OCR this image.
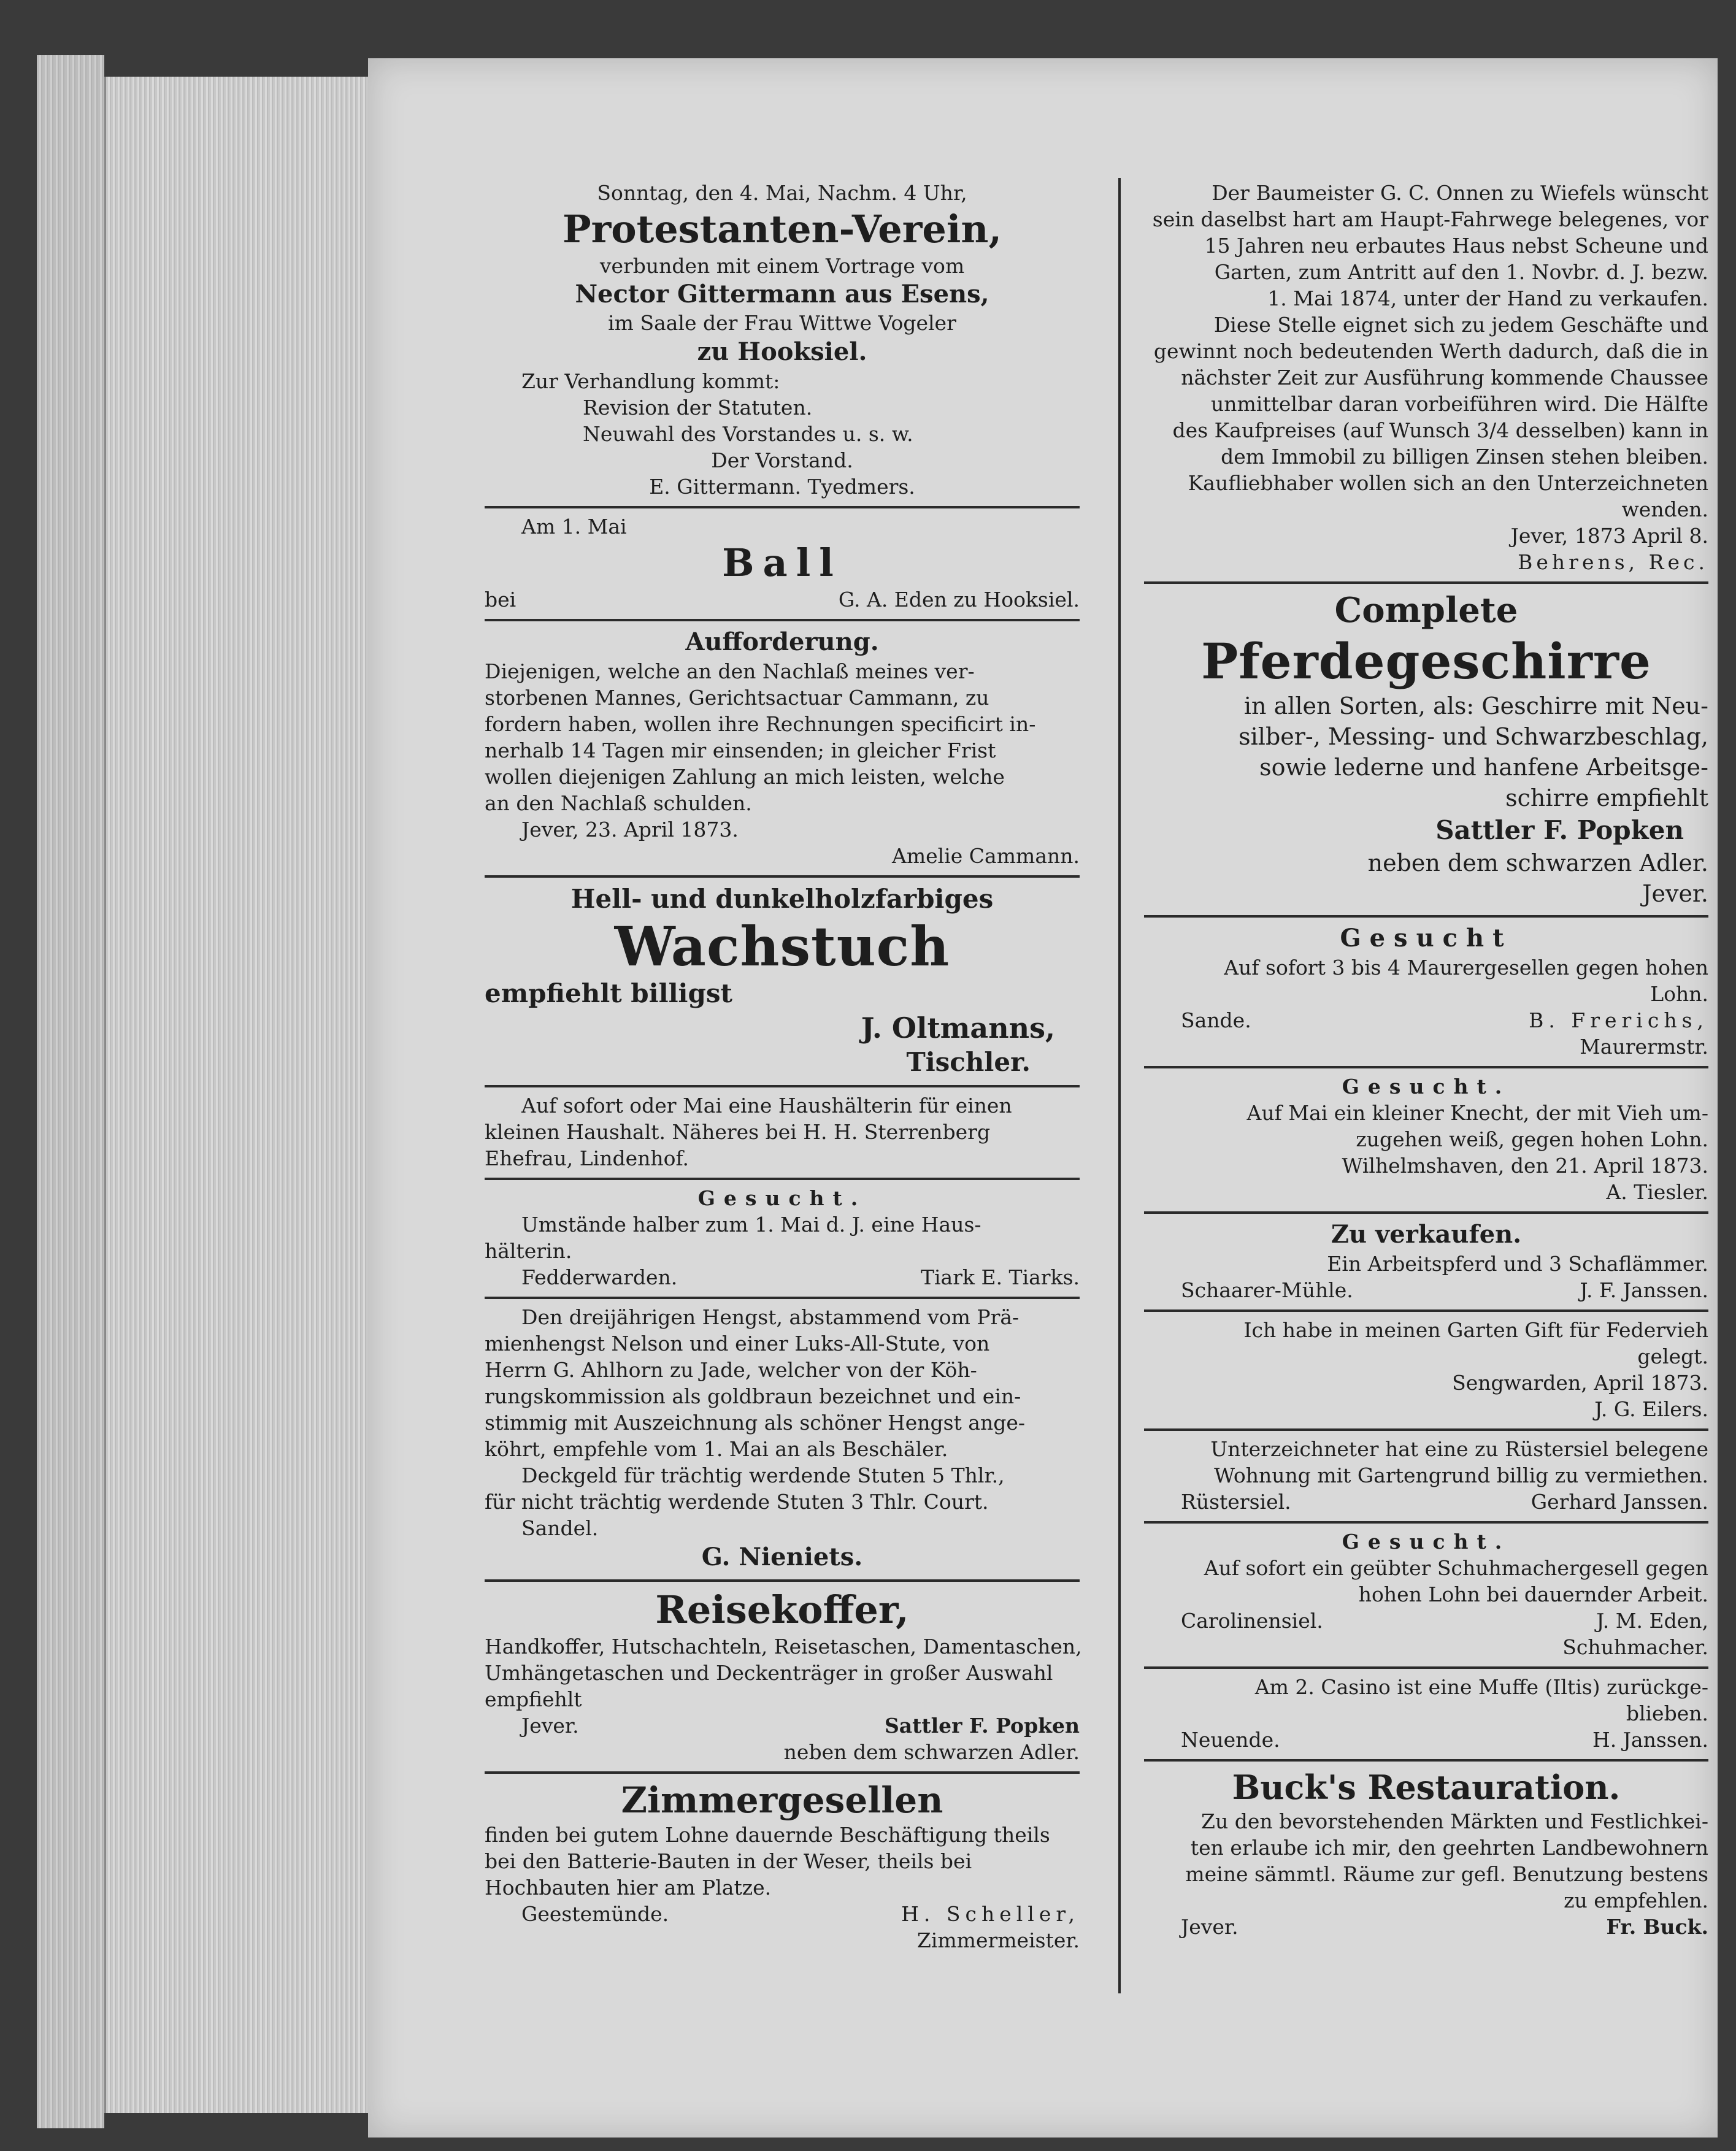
Sonntag, den 4. Mai, Nachm. 4 Uhr,
Protestanten-Verein,
verbunden mit einem Vortrage vom
Nector Gittermann aus Esens,
im Saale der Frau Wittwe Vogeler
zu Hooksiel.
Zur Verhandlung kommt:
Revision der Statuten.
Neuwahl des Vorstandes u. s. w.
Der Vorstand.
E. Gittermann. Tyedmers.
Am 1. Mai
Ball
bei	G. A. Eden zu Hooksiel.
Aufforderung.
Diejenigen, welche an den Nachlaß meines ver-
storbenen Mannes, Gerichtsactuar Cammann, zu
fordern haben, wollen ihre Rechnungen specificirt in-
nerhalb 14 Tagen mir einsenden; in gleicher Frist
wollen diejenigen Zahlung an mich leisten, welche
an den Nachlaß schulden.
Jever, 23. April 1873.
Amelie Cammann.
Hell- und dunkelholzfarbiges
Wachstuch
empfiehlt billigst
J. Oltmanns,
Tischler.
Auf sofort oder Mai eine Haushälterin für einen
kleinen Haushalt. Näheres bei H. H. Sterrenberg
Ehefrau, Lindenhof.
Gesucht.
Umstände halber zum 1. Mai d. J. eine Haus-
hälterin.
Fedderwarden.	Tiark E. Tiarks.
Den dreijährigen Hengst, abstammend vom Prä-
mienhengst Nelson und einer Luks-All-Stute, von
Herrn G. Ahlhorn zu Jade, welcher von der Köh-
rungskommission als goldbraun bezeichnet und ein-
stimmig mit Auszeichnung als schöner Hengst ange-
köhrt, empfehle vom 1. Mai an als Beschäler.
Deckgeld für trächtig werdende Stuten 5 Thlr.,
für nicht trächtig werdende Stuten 3 Thlr. Court.
Sandel.
G. Nieniets.
Reisekoffer,
Handkoffer, Hutschachteln, Reisetaschen, Damentaschen,
Umhängetaschen und Deckenträger in großer Auswahl
empfiehlt
Jever.	Sattler F. Popken
neben dem schwarzen Adler.
Zimmergesellen
finden bei gutem Lohne dauernde Beschäftigung theils
bei den Batterie-Bauten in der Weser, theils bei
Hochbauten hier am Platze.
Geestemünde.	H. Scheller,
Zimmermeister.
Der Baumeister G. C. Onnen zu Wiefels wünscht
sein daselbst hart am Haupt-Fahrwege belegenes, vor
15 Jahren neu erbautes Haus nebst Scheune und
Garten, zum Antritt auf den 1. Novbr. d. J. bezw.
1. Mai 1874, unter der Hand zu verkaufen.
Diese Stelle eignet sich zu jedem Geschäfte und
gewinnt noch bedeutenden Werth dadurch, daß die in
nächster Zeit zur Ausführung kommende Chaussee
unmittelbar daran vorbeiführen wird. Die Hälfte
des Kaufpreises (auf Wunsch 3/4 desselben) kann in
dem Immobil zu billigen Zinsen stehen bleiben.
Kaufliebhaber wollen sich an den Unterzeichneten
wenden.
Jever, 1873 April 8.
Behrens, Rec.
Complete
Pferdegeschirre
in allen Sorten, als: Geschirre mit Neu-
silber-, Messing- und Schwarzbeschlag,
sowie lederne und hanfene Arbeitsge-
schirre empfiehlt
Sattler F. Popken
neben dem schwarzen Adler.
Jever.
Gesucht
Auf sofort 3 bis 4 Maurergesellen gegen hohen
Lohn.
Sande.	B. Frerichs,
Maurermstr.
Gesucht.
Auf Mai ein kleiner Knecht, der mit Vieh um-
zugehen weiß, gegen hohen Lohn.
Wilhelmshaven, den 21. April 1873.
A. Tiesler.
Zu verkaufen.
Ein Arbeitspferd und 3 Schaflämmer.
Schaarer-Mühle.	J. F. Janssen.
Ich habe in meinen Garten Gift für Federvieh
gelegt.
Sengwarden, April 1873.
J. G. Eilers.
Unterzeichneter hat eine zu Rüstersiel belegene
Wohnung mit Gartengrund billig zu vermiethen.
Rüstersiel.	Gerhard Janssen.
Gesucht.
Auf sofort ein geübter Schuhmachergesell gegen
hohen Lohn bei dauernder Arbeit.
Carolinensiel.	J. M. Eden,
Schuhmacher.
Am 2. Casino ist eine Muffe (Iltis) zurückge-
blieben.
Neuende.	H. Janssen.
Buck's Restauration.
Zu den bevorstehenden Märkten und Festlichkei-
ten erlaube ich mir, den geehrten Landbewohnern
meine sämmtl. Räume zur gefl. Benutzung bestens
zu empfehlen.
Jever.	Fr. Buck.
